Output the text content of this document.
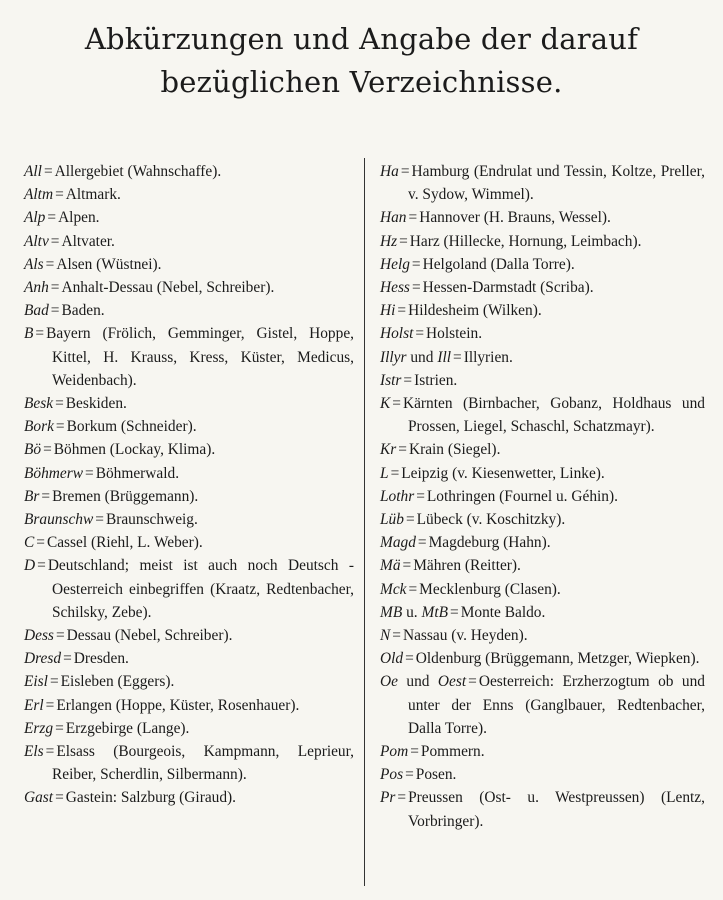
Abkürzungen und Angabe der darauf
bezüglichen Verzeichnisse.
All = Allergebiet (Wahnschaffe).
Altm = Altmark.
Alp = Alpen.
Altv = Altvater.
Als = Alsen (Wüstnei).
Anh = Anhalt-Dessau (Nebel, Schreiber).
Bad = Baden.
B = Bayern (Frölich, Gemminger, Gistel, Hoppe, Kittel, H. Krauss, Kress, Küster, Medicus, Weidenbach).
Besk = Beskiden.
Bork = Borkum (Schneider).
Bö = Böhmen (Lockay, Klima).
Böhmerw = Böhmerwald.
Br = Bremen (Brüggemann).
Braunschw = Braunschweig.
C = Cassel (Riehl, L. Weber).
D = Deutschland; meist ist auch noch Deutsch - Oesterreich einbegriffen (Kraatz, Redtenbacher, Schilsky, Zebe).
Dess = Dessau (Nebel, Schreiber).
Dresd = Dresden.
Eisl = Eisleben (Eggers).
Erl = Erlangen (Hoppe, Küster, Rosenhauer).
Erzg = Erzgebirge (Lange).
Els = Elsass (Bourgeois, Kampmann, Leprieur, Reiber, Scherdlin, Silbermann).
Gast = Gastein: Salzburg (Giraud).
Ha = Hamburg (Endrulat und Tessin, Koltze, Preller, v. Sydow, Wimmel).
Han = Hannover (H. Brauns, Wessel).
Hz = Harz (Hillecke, Hornung, Leimbach).
Helg = Helgoland (Dalla Torre).
Hess = Hessen-Darmstadt (Scriba).
Hi = Hildesheim (Wilken).
Holst = Holstein.
Illyr und Ill = Illyrien.
Istr = Istrien.
K = Kärnten (Birnbacher, Gobanz, Holdhaus und Prossen, Liegel, Schaschl, Schatzmayr).
Kr = Krain (Siegel).
L = Leipzig (v. Kiesenwetter, Linke).
Lothr = Lothringen (Fournel u. Géhin).
Lüb = Lübeck (v. Koschitzky).
Magd = Magdeburg (Hahn).
Mä = Mähren (Reitter).
Mck = Mecklenburg (Clasen).
MB u. MtB = Monte Baldo.
N = Nassau (v. Heyden).
Old = Oldenburg (Brüggemann, Metzger, Wiepken).
Oe und Oest = Oesterreich: Erzherzogtum ob und unter der Enns (Ganglbauer, Redtenbacher, Dalla Torre).
Pom = Pommern.
Pos = Posen.
Pr = Preussen (Ost- u. Westpreussen) (Lentz, Vorbringer).
